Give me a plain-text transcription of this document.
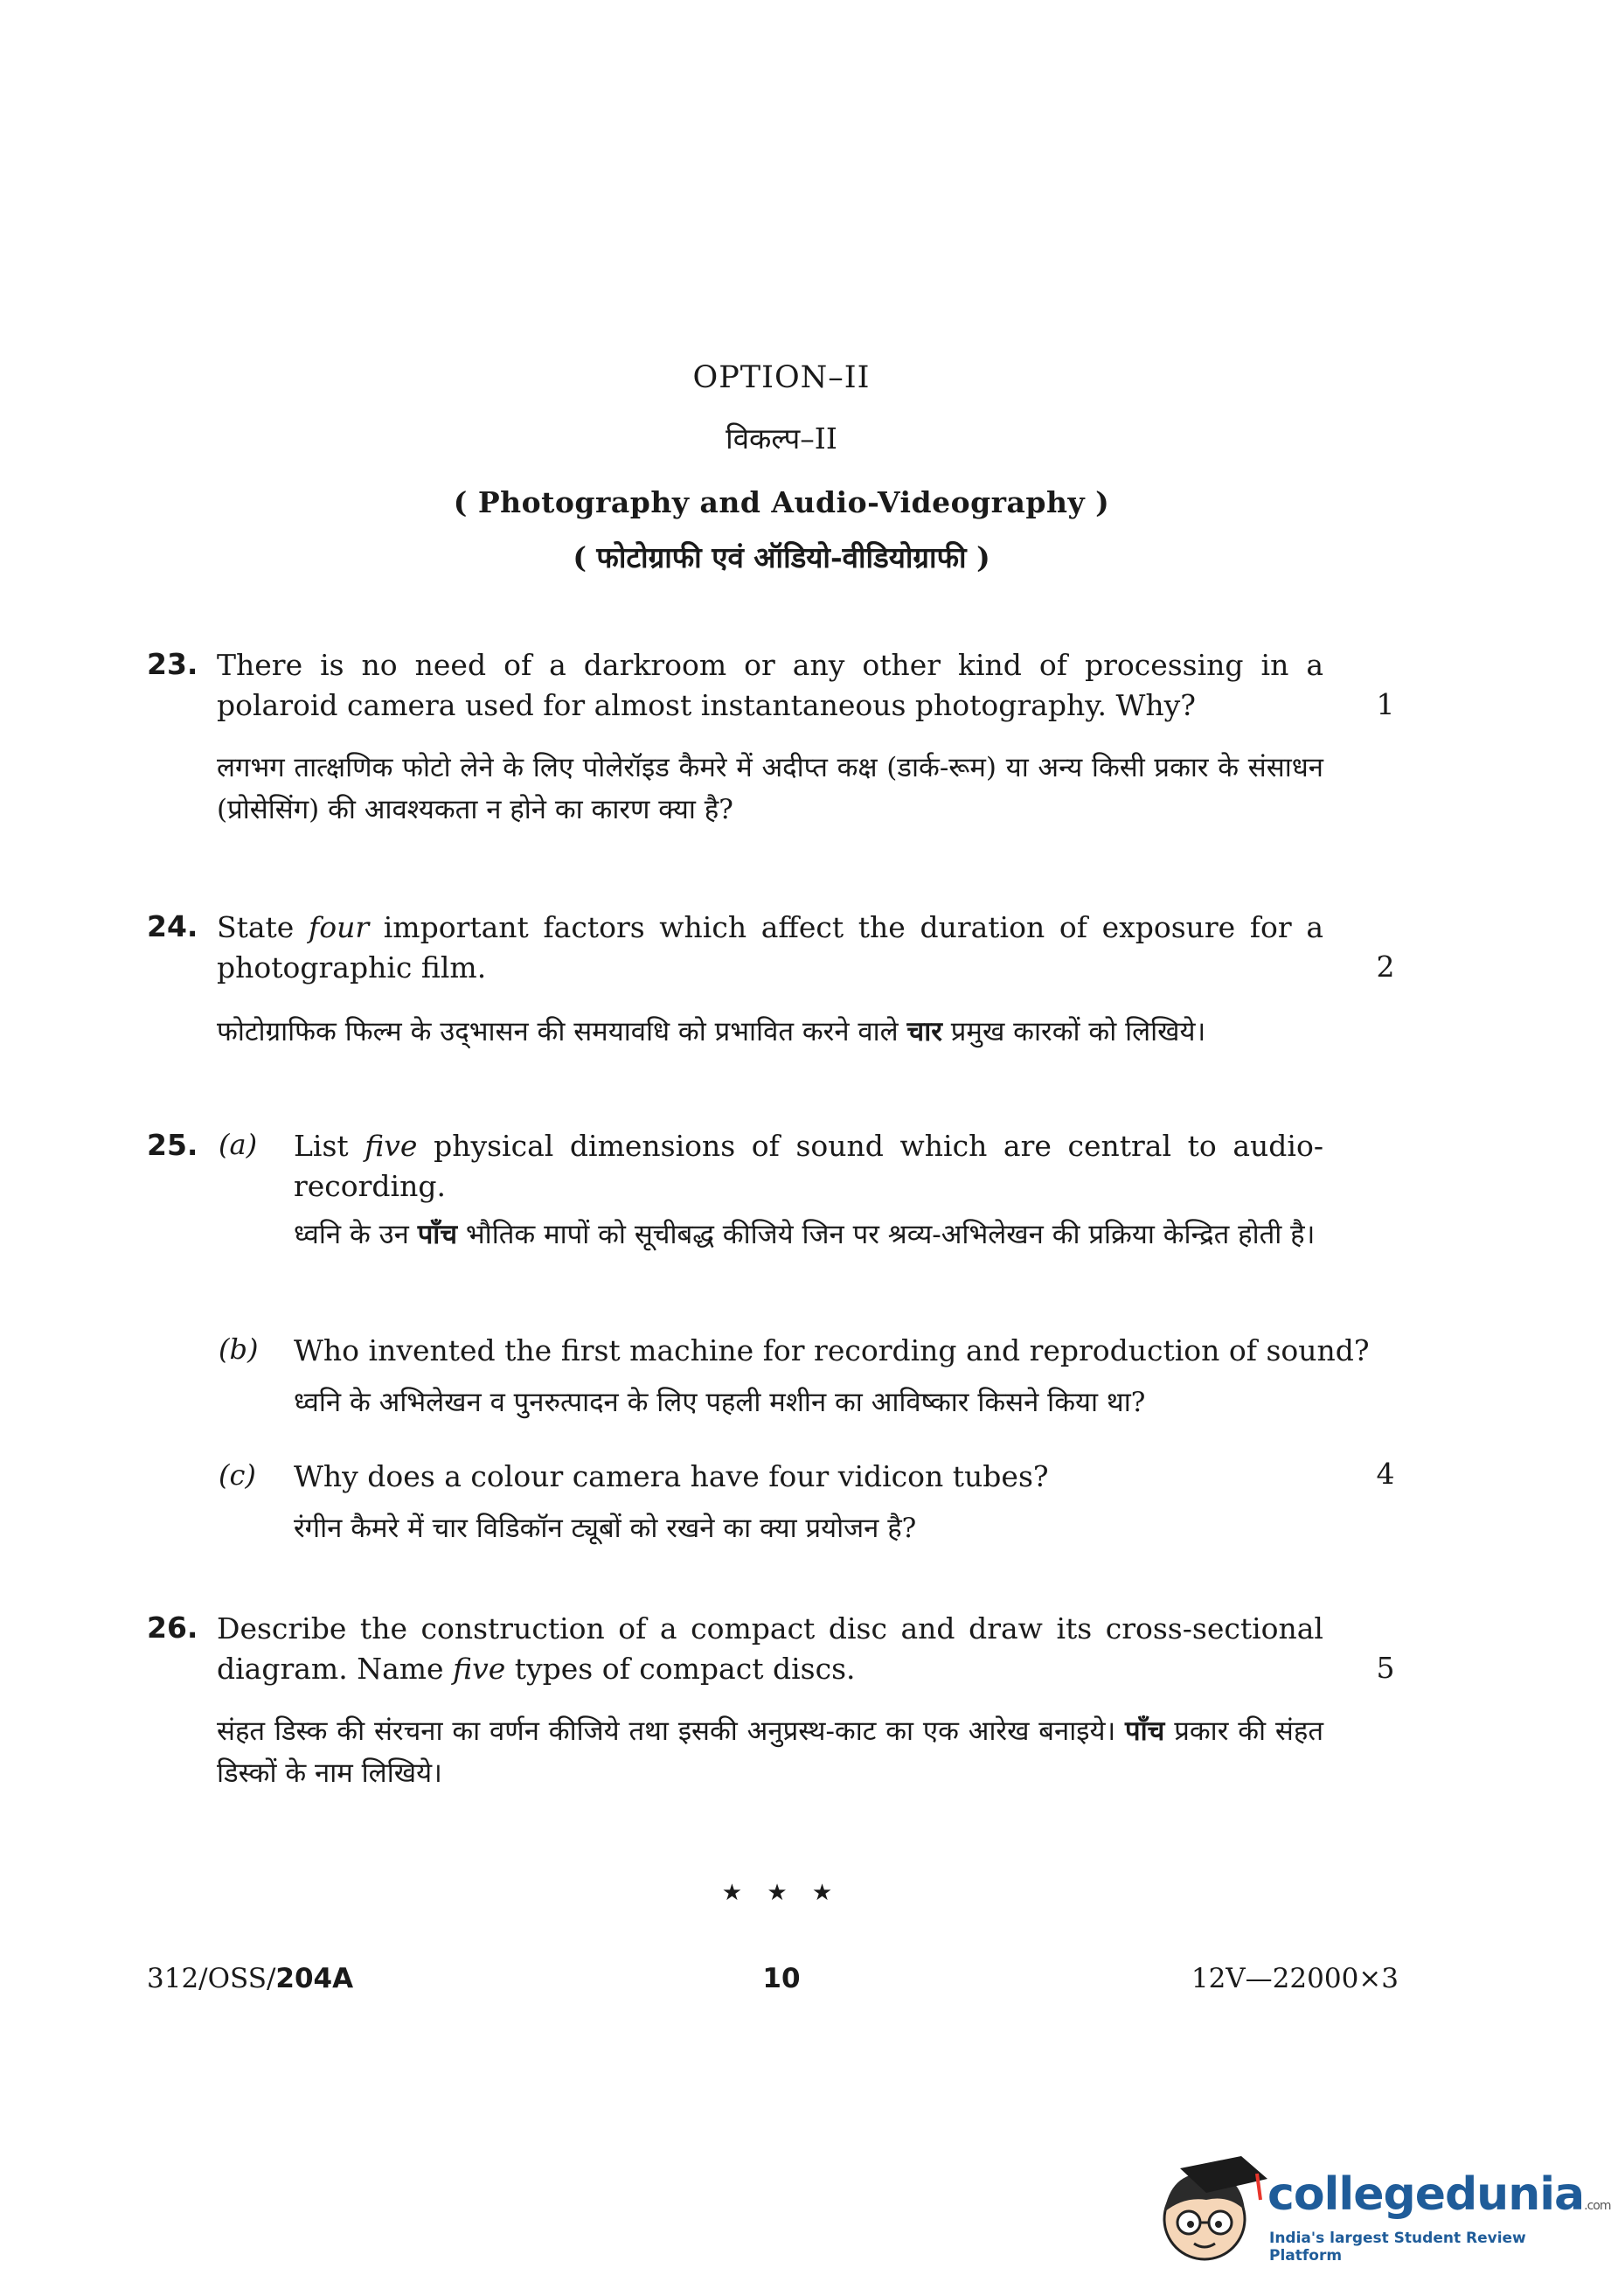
OPTION–II
विकल्प–II
( Photography and Audio-Videography )
( फोटोग्राफी एवं ऑडियो-वीडियोग्राफी )
23. There is no need of a darkroom or any other kind of processing in a polaroid camera used for almost instantaneous photography. Why?	1
लगभग तात्क्षणिक फोटो लेने के लिए पोलेरॉइड कैमरे में अदीप्त कक्ष (डार्क-रूम) या अन्य किसी प्रकार के संसाधन (प्रोसेसिंग) की आवश्यकता न होने का कारण क्या है?
24. State four important factors which affect the duration of exposure for a photographic film.	2
फोटोग्राफिक फिल्म के उद्‌भासन की समयावधि को प्रभावित करने वाले चार प्रमुख कारकों को लिखिये।
25. (a) List five physical dimensions of sound which are central to audio-recording.
ध्वनि के उन पाँच भौतिक मापों को सूचीबद्ध कीजिये जिन पर श्रव्य-अभिलेखन की प्रक्रिया केन्द्रित होती है।
(b) Who invented the first machine for recording and reproduction of sound?
ध्वनि के अभिलेखन व पुनरुत्पादन के लिए पहली मशीन का आविष्कार किसने किया था?
(c) Why does a colour camera have four vidicon tubes?	4
रंगीन कैमरे में चार विडिकॉन ट्यूबों को रखने का क्या प्रयोजन है?
26. Describe the construction of a compact disc and draw its cross-sectional diagram. Name five types of compact discs.	5
संहत डिस्क की संरचना का वर्णन कीजिये तथा इसकी अनुप्रस्थ-काट का एक आरेख बनाइये। पाँच प्रकार की संहत डिस्कों के नाम लिखिये।
★ ★ ★
312/OSS/204A	10	12V—22000×3
collegedunia.com
India's largest Student Review Platform
